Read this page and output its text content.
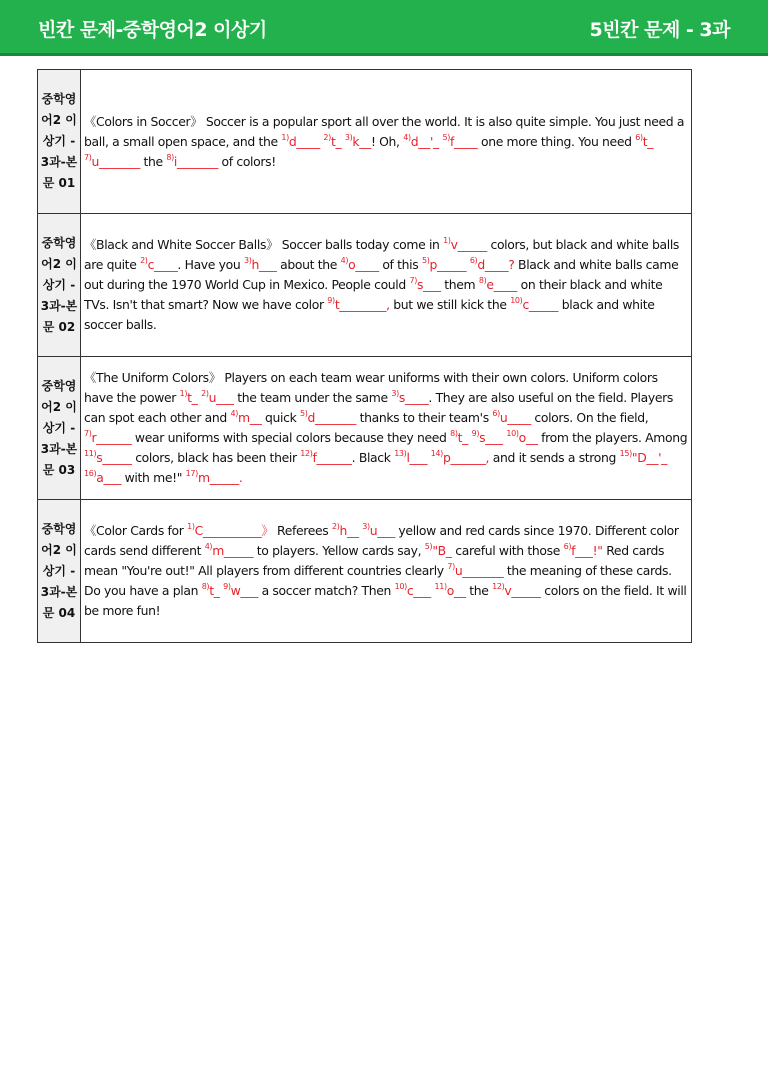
빈칸 문제-중학영어2 이상기	5빈칸 문제 - 3과
중학영어2 이상기 - 3과-본문 01	《Colors in Soccer》 Soccer is a popular sport all over the world. It is also quite simple. You just need a ball, a small open space, and the $^{1)}$d____ $^{2)}$t_ $^{3)}$k__! Oh, $^{4)}$d__'_ $^{5)}$f____ one more thing. You need $^{6)}$t_ $^{7)}$u_______ the $^{8)}$i_______ of colors!
중학영어2 이상기 - 3과-본문 02	《Black and White Soccer Balls》 Soccer balls today come in $^{1)}$v_____ colors, but black and white balls are quite $^{2)}$c____. Have you $^{3)}$h___ about the $^{4)}$o____ of this $^{5)}$p_____ $^{6)}$d____? Black and white balls came out during the 1970 World Cup in Mexico. People could $^{7)}$s___ them $^{8)}$e____ on their black and white TVs. Isn't that smart? Now we have color $^{9)}$t________, but we still kick the $^{10)}$c_____ black and white soccer balls.
중학영어2 이상기 - 3과-본문 03	《The Uniform Colors》 Players on each team wear uniforms with their own colors. Uniform colors have the power $^{1)}$t_ $^{2)}$u___ the team under the same $^{3)}$s____. They are also useful on the field. Players can spot each other and $^{4)}$m__ quick $^{5)}$d_______ thanks to their team's $^{6)}$u____ colors. On the field, $^{7)}$r______ wear uniforms with special colors because they need $^{8)}$t_ $^{9)}$s___ $^{10)}$o__ from the players. Among $^{11)}$s_____ colors, black has been their $^{12)}$f______. Black $^{13)}$l___ $^{14)}$p______, and it sends a strong $^{15)}$"D__'_ $^{16)}$a___ with me!" $^{17)}$m_____.
중학영어2 이상기 - 3과-본문 04	《Color Cards for $^{1)}$C__________》 Referees $^{2)}$h__ $^{3)}$u___ yellow and red cards since 1970. Different color cards send different $^{4)}$m_____ to players. Yellow cards say, $^{5)}$"B_ careful with those $^{6)}$f___!" Red cards mean "You're out!" All players from different countries clearly $^{7)}$u_______ the meaning of these cards. Do you have a plan $^{8)}$t_ $^{9)}$w___ a soccer match? Then $^{10)}$c___ $^{11)}$o__ the $^{12)}$v_____ colors on the field. It will be more fun!
